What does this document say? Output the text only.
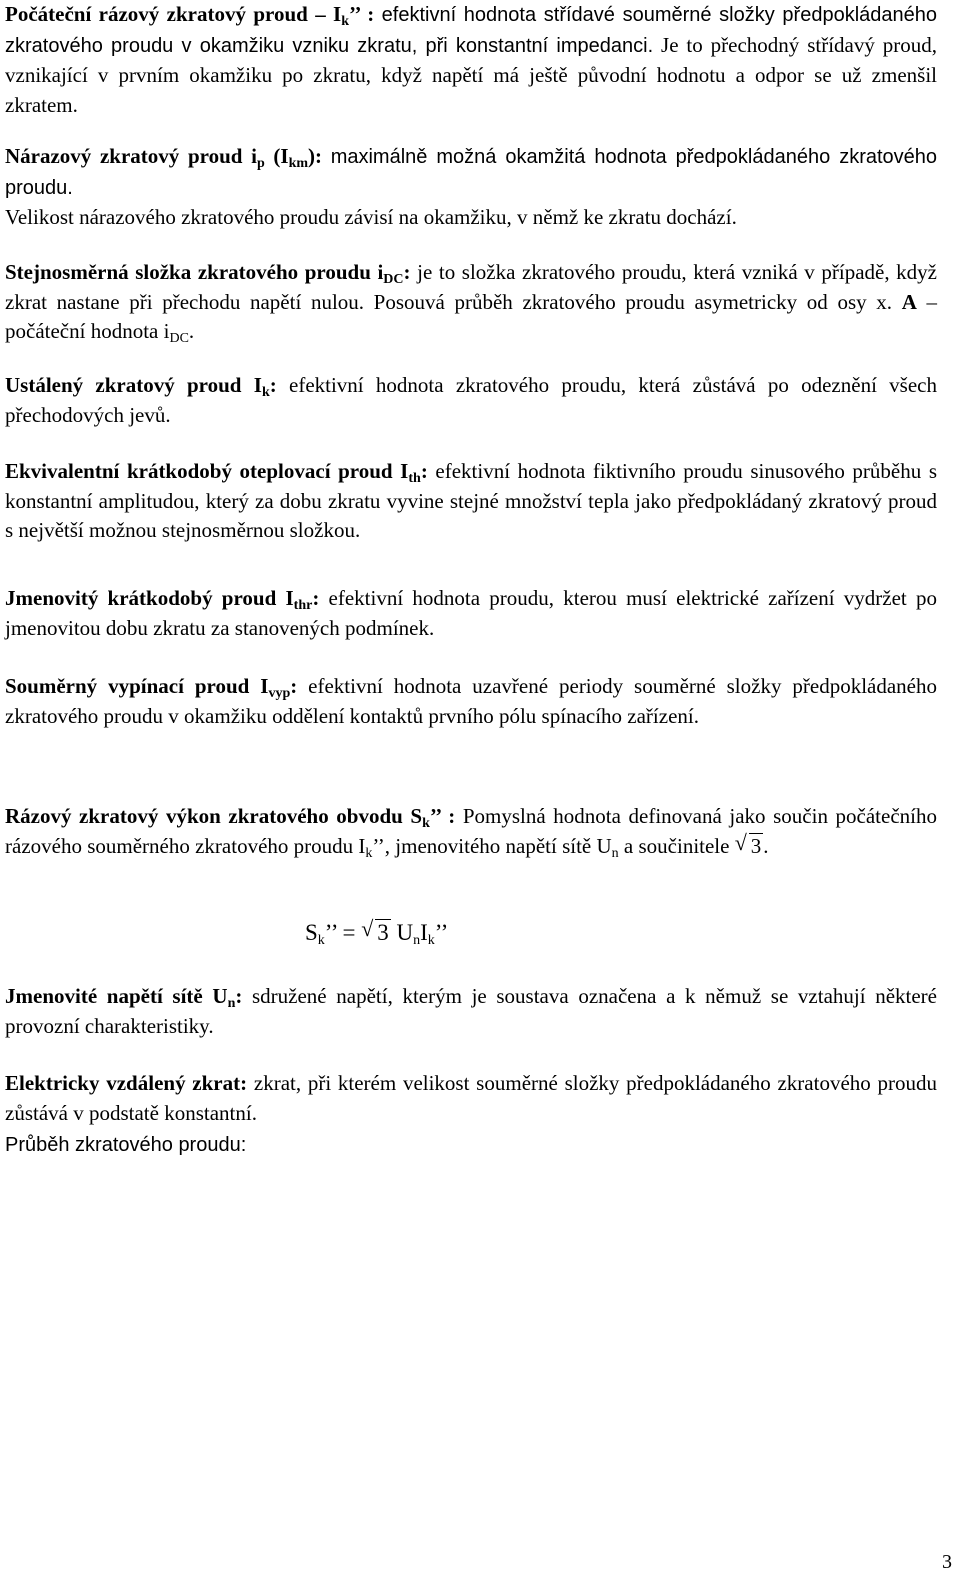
Počáteční rázový zkratový proud – $I_k$’’ : efektivní hodnota střídavé souměrné složky předpokládaného zkratového proudu v okamžiku vzniku zkratu, při konstantní impedanci. Je to přechodný střídavý proud, vznikající v prvním okamžiku po zkratu, když napětí má ještě původní hodnotu a odpor se už zmenšil zkratem.

Nárazový zkratový proud $i_p$ $(I_{km})$: maximálně možná okamžitá hodnota předpokládaného zkratového proudu.

Velikost nárazového zkratového proudu závisí na okamžiku, v němž ke zkratu dochází.

Stejnosměrná složka zkratového proudu $i_{DC}$: je to složka zkratového proudu, která vzniká v případě, když zkrat nastane při přechodu napětí nulou. Posouvá průběh zkratového proudu asymetricky od osy x. A – počáteční hodnota $i_{DC}$.

Ustálený zkratový proud $I_k$: efektivní hodnota zkratového proudu, která zůstává po odeznění všech přechodových jevů.

Ekvivalentní krátkodobý oteplovací proud $I_{th}$: efektivní hodnota fiktivního proudu sinusového průběhu s konstantní amplitudou, který za dobu zkratu vyvine stejné množství tepla jako předpokládaný zkratový proud s největší možnou stejnosměrnou složkou.

Jmenovitý krátkodobý proud $I_{thr}$: efektivní hodnota proudu, kterou musí elektrické zařízení vydržet po jmenovitou dobu zkratu za stanovených podmínek.

Souměrný vypínací proud $I_{vyp}$: efektivní hodnota uzavřené periody souměrné složky předpokládaného zkratového proudu v okamžiku oddělení kontaktů prvního pólu spínacího zařízení.

Rázový zkratový výkon zkratového obvodu $S_k$’’ : Pomyslná hodnota definovaná jako součin počátečního rázového souměrného zkratového proudu $I_k$’’, jmenovitého napětí sítě $U_n$ a součinitele √ 3.

$S_k$’’ = √ 3 $U_nI_k$’’

Jmenovité napětí sítě $U_n$: sdružené napětí, kterým je soustava označena a k němuž se vztahují některé provozní charakteristiky.

Elektricky vzdálený zkrat: zkrat, při kterém velikost souměrné složky předpokládaného zkratového proudu zůstává v podstatě konstantní.

Průběh zkratového proudu:

3
